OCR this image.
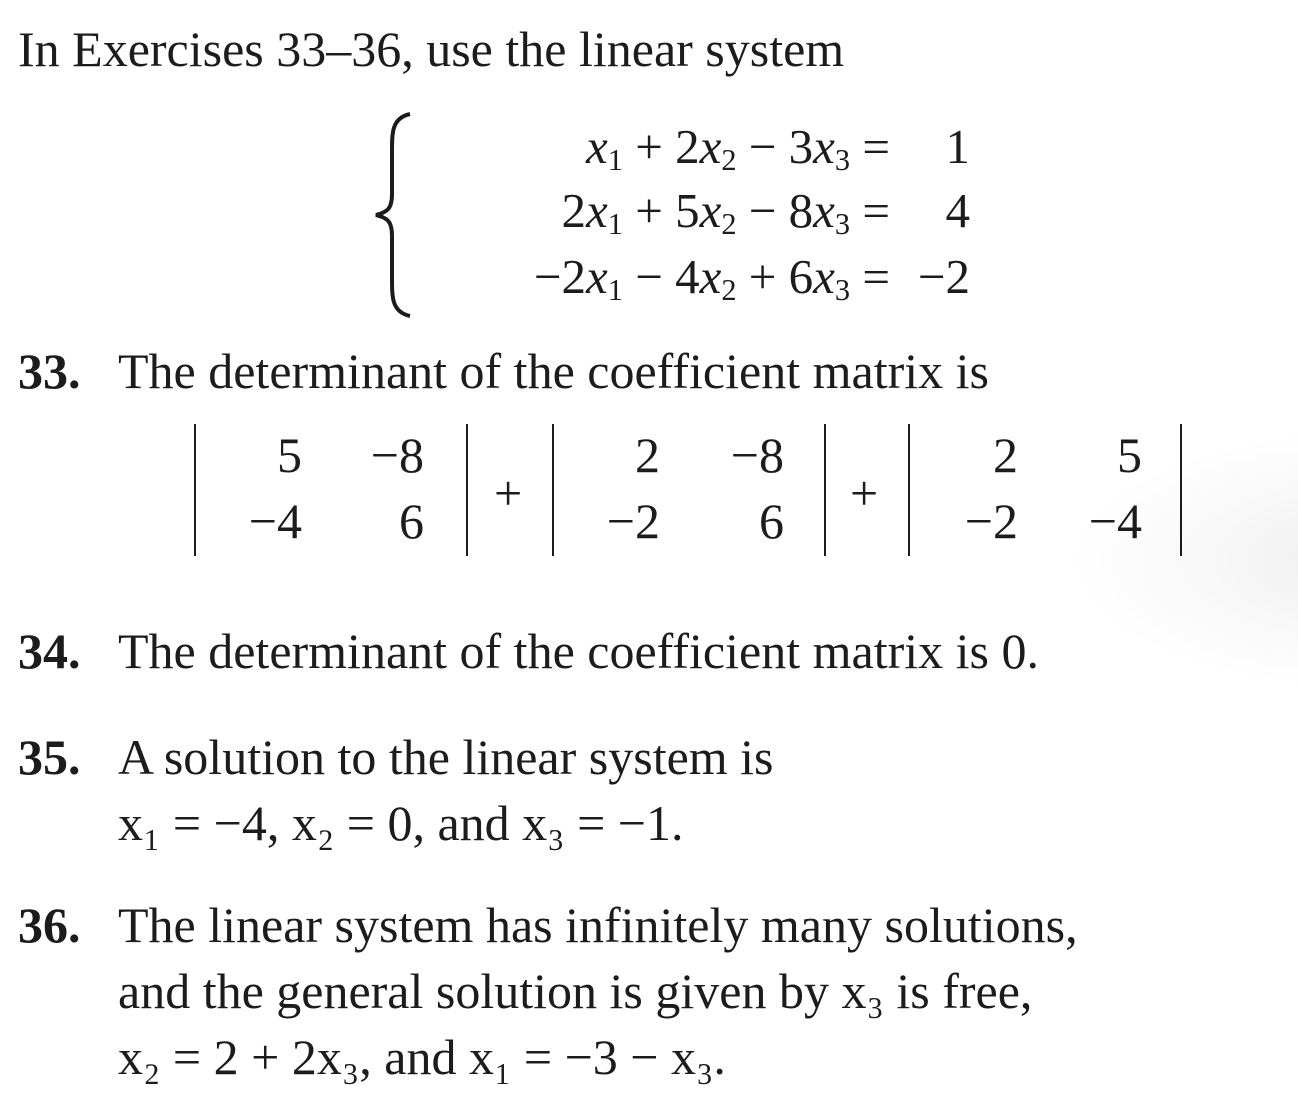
In Exercises 33–36, use the linear system
x1 + 2x2 − 3x3 =	1
2x1 + 5x2 − 8x3 =	4
−2x1 − 4x2 + 6x3 = −2
33. The determinant of the coefficient matrix is
5	−8
−4	6 +
2	−8
−2	6 +
2	5
−2	−4
34. The determinant of the coefficient matrix is 0.
35. A solution to the linear system is
x₁ = −4, x₂ = 0, and x₃ = −1.
36. The linear system has infinitely many solutions,
and the general solution is given by x₃ is free,
x₂ = 2 + 2x₃, and x₁ = −3 − x₃.
